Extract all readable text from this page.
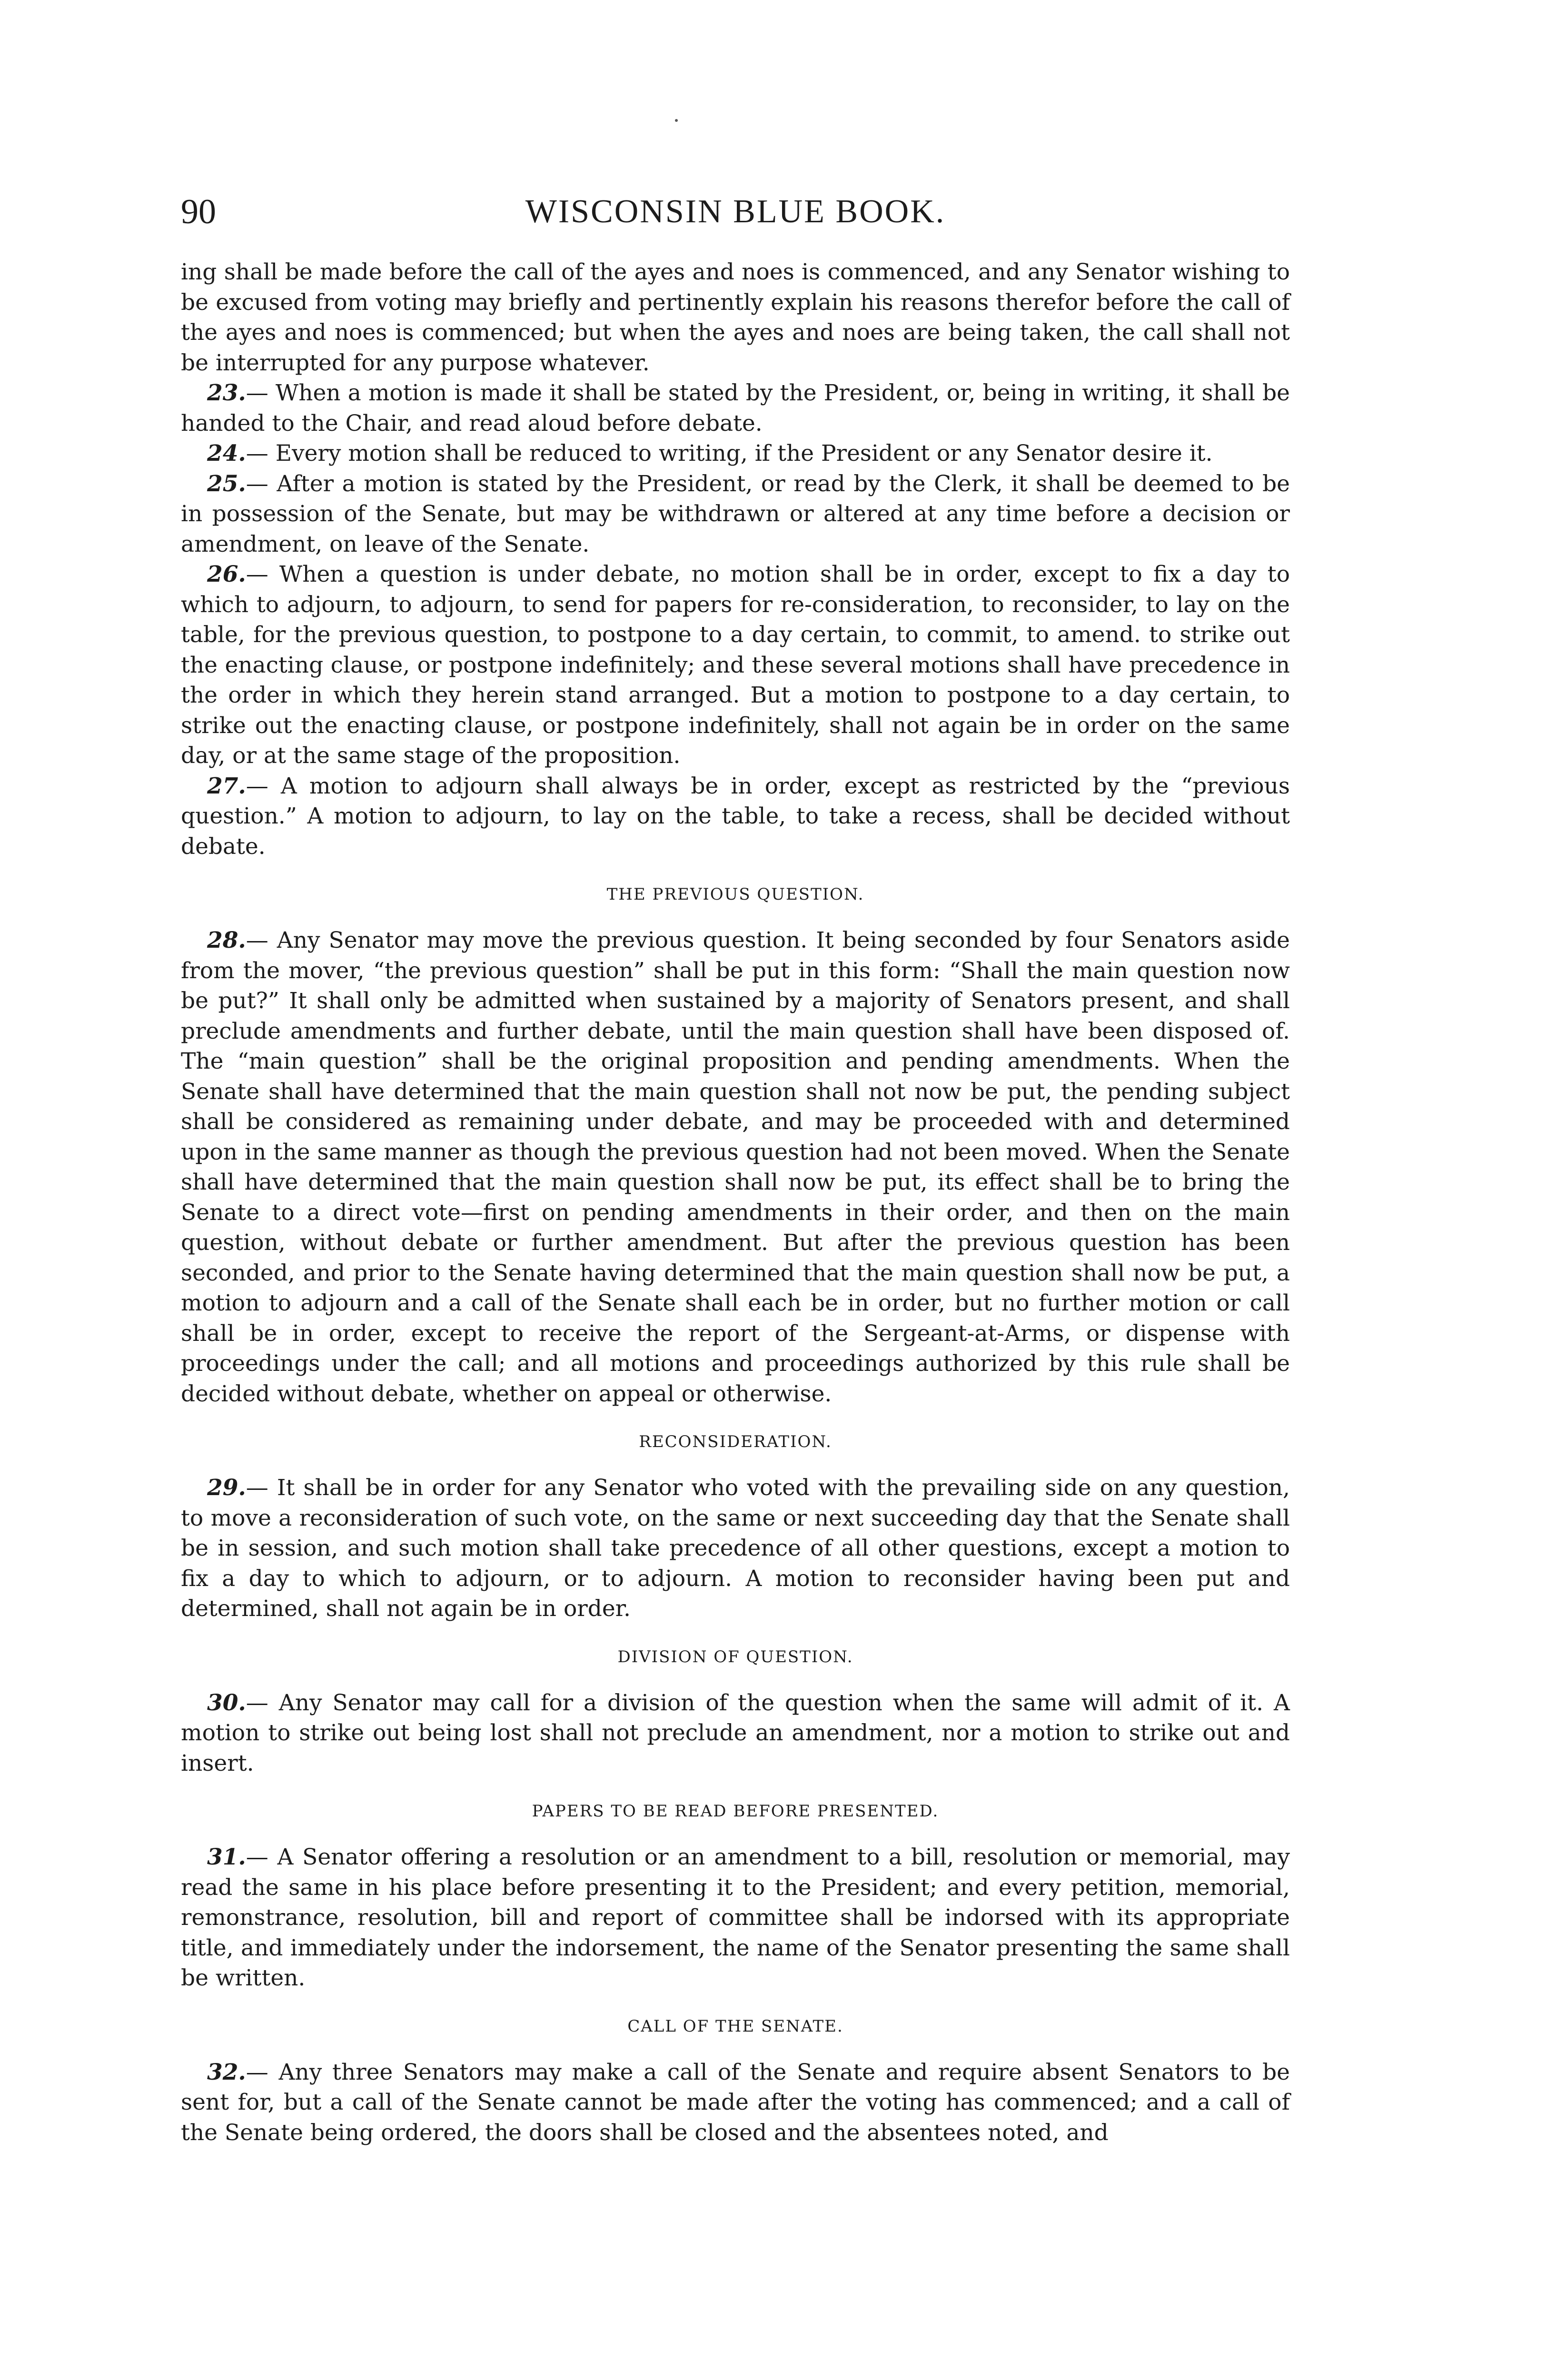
90	WISCONSIN BLUE BOOK.

ing shall be made before the call of the ayes and noes is commenced, and any Senator wishing to be excused from voting may briefly and pertinently explain his reasons therefor before the call of the ayes and noes is commenced; but when the ayes and noes are being taken, the call shall not be interrupted for any purpose whatever.

23.— When a motion is made it shall be stated by the President, or, being in writing, it shall be handed to the Chair, and read aloud before debate.

24.— Every motion shall be reduced to writing, if the President or any Senator desire it.

25.— After a motion is stated by the President, or read by the Clerk, it shall be deemed to be in possession of the Senate, but may be withdrawn or altered at any time before a decision or amendment, on leave of the Senate.

26.— When a question is under debate, no motion shall be in order, except to fix a day to which to adjourn, to adjourn, to send for papers for re-consideration, to reconsider, to lay on the table, for the previous question, to postpone to a day certain, to commit, to amend. to strike out the enacting clause, or postpone indefinitely; and these several motions shall have precedence in the order in which they herein stand arranged. But a motion to postpone to a day certain, to strike out the enacting clause, or postpone indefinitely, shall not again be in order on the same day, or at the same stage of the proposition.

27.— A motion to adjourn shall always be in order, except as restricted by the “previous question.” A motion to adjourn, to lay on the table, to take a recess, shall be decided without debate.

THE PREVIOUS QUESTION.

28.— Any Senator may move the previous question. It being seconded by four Senators aside from the mover, “the previous question” shall be put in this form: “Shall the main question now be put?” It shall only be admitted when sustained by a majority of Senators present, and shall preclude amendments and further debate, until the main question shall have been disposed of. The “main question” shall be the original proposition and pending amendments. When the Senate shall have determined that the main question shall not now be put, the pending subject shall be considered as remaining under debate, and may be proceeded with and determined upon in the same manner as though the previous question had not been moved. When the Senate shall have determined that the main question shall now be put, its effect shall be to bring the Senate to a direct vote—first on pending amendments in their order, and then on the main question, without debate or further amendment. But after the previous question has been seconded, and prior to the Senate having determined that the main question shall now be put, a motion to adjourn and a call of the Senate shall each be in order, but no further motion or call shall be in order, except to receive the report of the Sergeant-at-Arms, or dispense with proceedings under the call; and all motions and proceedings authorized by this rule shall be decided without debate, whether on appeal or otherwise.

RECONSIDERATION.

29.— It shall be in order for any Senator who voted with the prevailing side on any question, to move a reconsideration of such vote, on the same or next succeeding day that the Senate shall be in session, and such motion shall take precedence of all other questions, except a motion to fix a day to which to adjourn, or to adjourn. A motion to reconsider having been put and determined, shall not again be in order.

DIVISION OF QUESTION.

30.— Any Senator may call for a division of the question when the same will admit of it. A motion to strike out being lost shall not preclude an amendment, nor a motion to strike out and insert.

PAPERS TO BE READ BEFORE PRESENTED.

31.— A Senator offering a resolution or an amendment to a bill, resolution or memorial, may read the same in his place before presenting it to the President; and every petition, memorial, remonstrance, resolution, bill and report of committee shall be indorsed with its appropriate title, and immediately under the indorsement, the name of the Senator presenting the same shall be written.

CALL OF THE SENATE.

32.— Any three Senators may make a call of the Senate and require absent Senators to be sent for, but a call of the Senate cannot be made after the voting has commenced; and a call of the Senate being ordered, the doors shall be closed and the absentees noted, and
